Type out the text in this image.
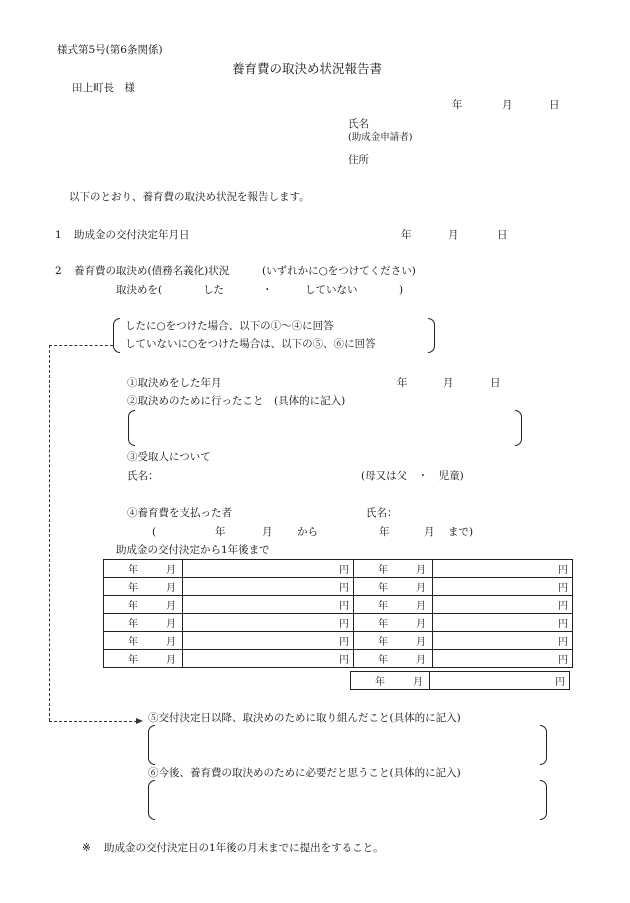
様式第5号(第6条関係)
養育費の取決め状況報告書
田上町長　様
年	月	日
氏名
(助成金申請者)
住所
以下のとおり、養育費の取決め状況を報告します。
1 助成金の交付決定年月日	年	月	日
2 養育費の取決め(債務名義化)状況	(いずれかに○をつけてください)
取決めを(	した	・	していない	)
したに○をつけた場合、以下の①～④に回答
していないに○をつけた場合は、以下の⑤、⑥に回答
①取決めをした年月	年	月	日
②取決めのために行ったこと　(具体的に記入)
③受取人について
氏名：	(母又は父　・　児童)
④養育費を支払った者	氏名：
(	年	月 から	年	月 まで)
助成金の交付決定から1年後まで
年 月	円	年 月	円

年 月	円	年 月	円

年 月	円	年 月	円

年 月	円	年 月	円

年 月	円	年 月	円

年 月	円	年 月	円
年	月	円
⑤交付決定日以降、取決めのために取り組んだこと(具体的に記入)
⑥今後、養育費の取決めのために必要だと思うこと(具体的に記入)
※ 助成金の交付決定日の1年後の月末までに提出をすること。
